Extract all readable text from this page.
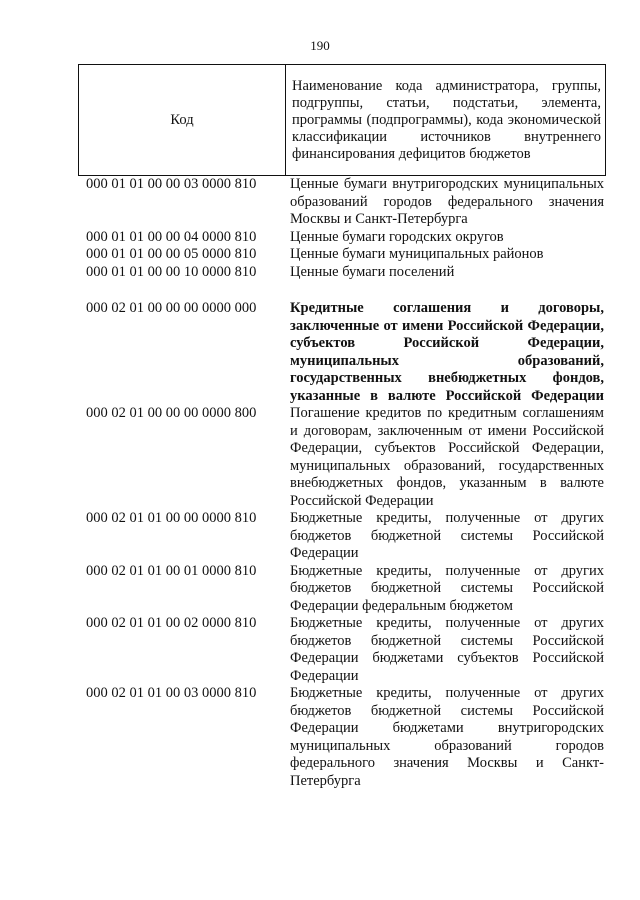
190
Код	Наименование кода администратора, группы, подгруппы, статьи, подстатьи, элемента, программы (подпрограммы), кода экономической классификации источников внутреннего финансирования дефицитов бюджетов
000 01 01 00 00 03 0000 810	Ценные бумаги внутригородских муниципальных образований городов федерального значения Москвы и Санкт-Петербурга
000 01 01 00 00 04 0000 810	Ценные бумаги городских округов
000 01 01 00 00 05 0000 810	Ценные бумаги муниципальных районов
000 01 01 00 00 10 0000 810	Ценные бумаги поселений
000 02 01 00 00 00 0000 000	Кредитные соглашения и договоры, заключенные от имени Российской Федерации, субъектов Российской Федерации, муниципальных образований, государственных внебюджетных фондов, указанные в валюте Российской Федерации
000 02 01 00 00 00 0000 800	Погашение кредитов по кредитным соглашениям и договорам, заключенным от имени Российской Федерации, субъектов Российской Федерации, муниципальных образований, государственных внебюджетных фондов, указанным в валюте Российской Федерации
000 02 01 01 00 00 0000 810	Бюджетные кредиты, полученные от других бюджетов бюджетной системы Российской Федерации
000 02 01 01 00 01 0000 810	Бюджетные кредиты, полученные от других бюджетов бюджетной системы Российской Федерации федеральным бюджетом
000 02 01 01 00 02 0000 810	Бюджетные кредиты, полученные от других бюджетов бюджетной системы Российской Федерации бюджетами субъектов Российской Федерации
000 02 01 01 00 03 0000 810	Бюджетные кредиты, полученные от других бюджетов бюджетной системы Российской Федерации бюджетами внутригородских муниципальных образований городов федерального значения Москвы и Санкт-Петербурга
